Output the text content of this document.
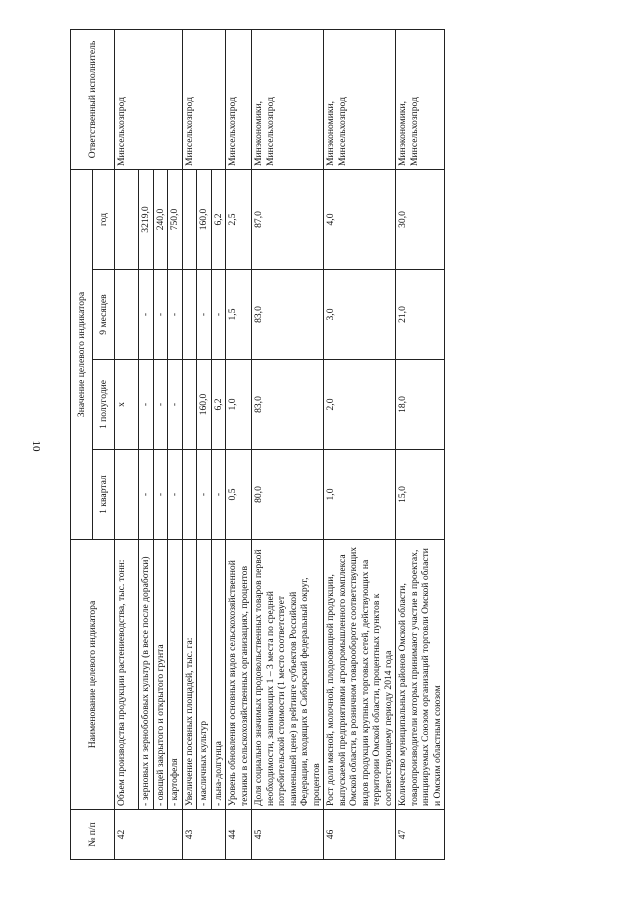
10
№ п/п	Наименование целевого индикатора	Значение целевого индикатора				Ответственный исполнитель
		1 квартал	1 полугодие	9 месяцев	год	
42	Объем производства продукции растениеводства, тыс. тонн:		х			Минсельхозпрод
	- зерновых и зернобобовых культур (в весе после доработки)	-	-	-	3219,0	
	- овощей закрытого и открытого грунта	-	-	-	240,0	
	- картофеля	-	-	-	750,0	
43	Увеличение посевных площадей, тыс. га:					Минсельхозпрод
	- масличных культур	-	160,0	-	160,0	
	- льна-долгунца	-	6,2	-	6,2	
44	Уровень обновления основных видов сельскохозяйственной техники в сельскохозяйственных организациях, процентов	0,5	1,0	1,5	2,5	Минсельхозпрод
45	Доля социально значимых продовольственных товаров первой необходимости, занимающих 1 – 3 места по средней потребительской стоимости (1 место соответствует наименьшей цене) в рейтинге субъектов Российской Федерации, входящих в Сибирский федеральный округ, процентов	80,0	83,0	83,0	87,0	Минэкономики, Минсельхозпрод
46	Рост доли мясной, молочной, плодоовощной продукции, выпускаемой предприятиями агропромышленного комплекса Омской области, в розничном товарообороте соответствующих видов продукции крупных торговых сетей, действующих на территории Омской области, процентных пунктов к соответствующему периоду 2014 года	1,0	2,0	3,0	4,0	Минэкономики, Минсельхозпрод
47	Количество муниципальных районов Омской области, товаропроизводители которых принимают участие в проектах, инициируемых Союзом организаций торговли Омской области и Омским областным союзом	15,0	18,0	21,0	30,0	Минэкономики, Минсельхозпрод
